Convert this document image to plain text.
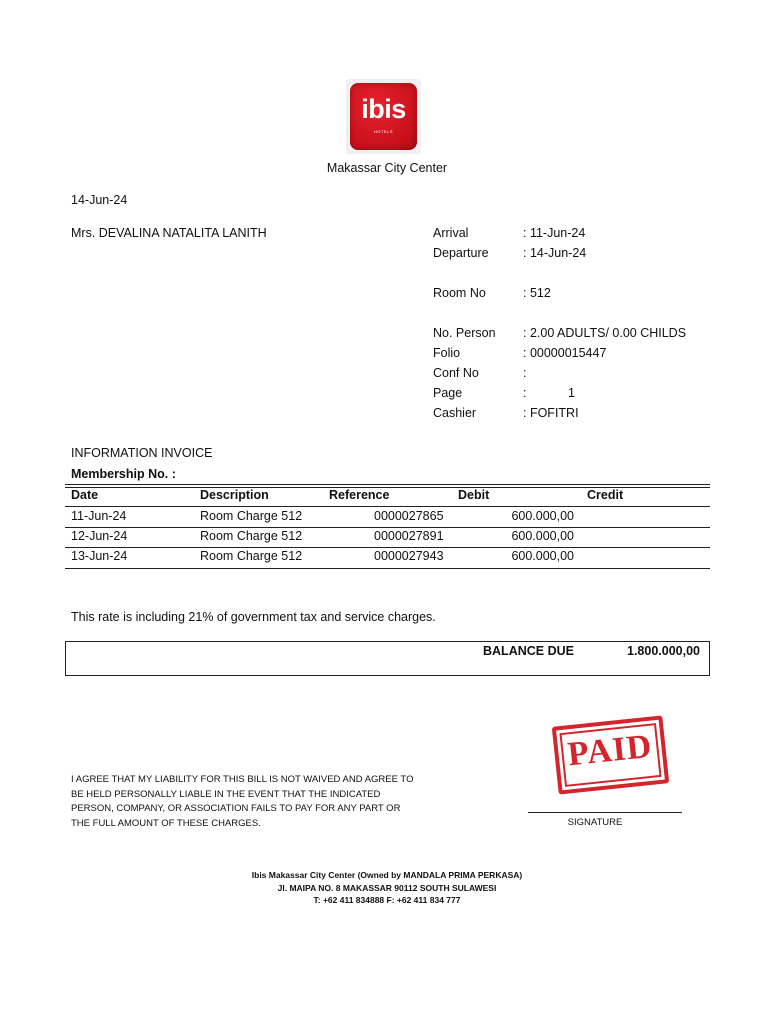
ibis
HOTELS
Makassar City Center
14-Jun-24
Mrs. DEVALINA NATALITA LANITH	Arrival	: 11-Jun-24
Departure	: 14-Jun-24
Room No	: 512
No. Person : 2.00 ADULTS/ 0.00 CHILDS
Folio	: 00000015447
Conf No	:
Page	:	1
Cashier	: FOFITRI
INFORMATION INVOICE
Membership No. :
Date	Description	Reference	Debit	Credit
11-Jun-24	Room Charge 512	0000027865	600.000,00
12-Jun-24	Room Charge 512	0000027891	600.000,00
13-Jun-24	Room Charge 512	0000027943	600.000,00
This rate is including 21% of government tax and service charges.
BALANCE DUE	1.800.000,00
PAID
I AGREE THAT MY LIABILITY FOR THIS BILL IS NOT WAIVED AND AGREE TO
BE HELD PERSONALLY LIABLE IN THE EVENT THAT THE INDICATED
PERSON, COMPANY, OR ASSOCIATION FAILS TO PAY FOR ANY PART OR
THE FULL AMOUNT OF THESE CHARGES.	SIGNATURE
Ibis Makassar City Center (Owned by MANDALA PRIMA PERKASA)
Jl. MAIPA NO. 8 MAKASSAR 90112 SOUTH SULAWESI
T: +62 411 834888 F: +62 411 834 777
